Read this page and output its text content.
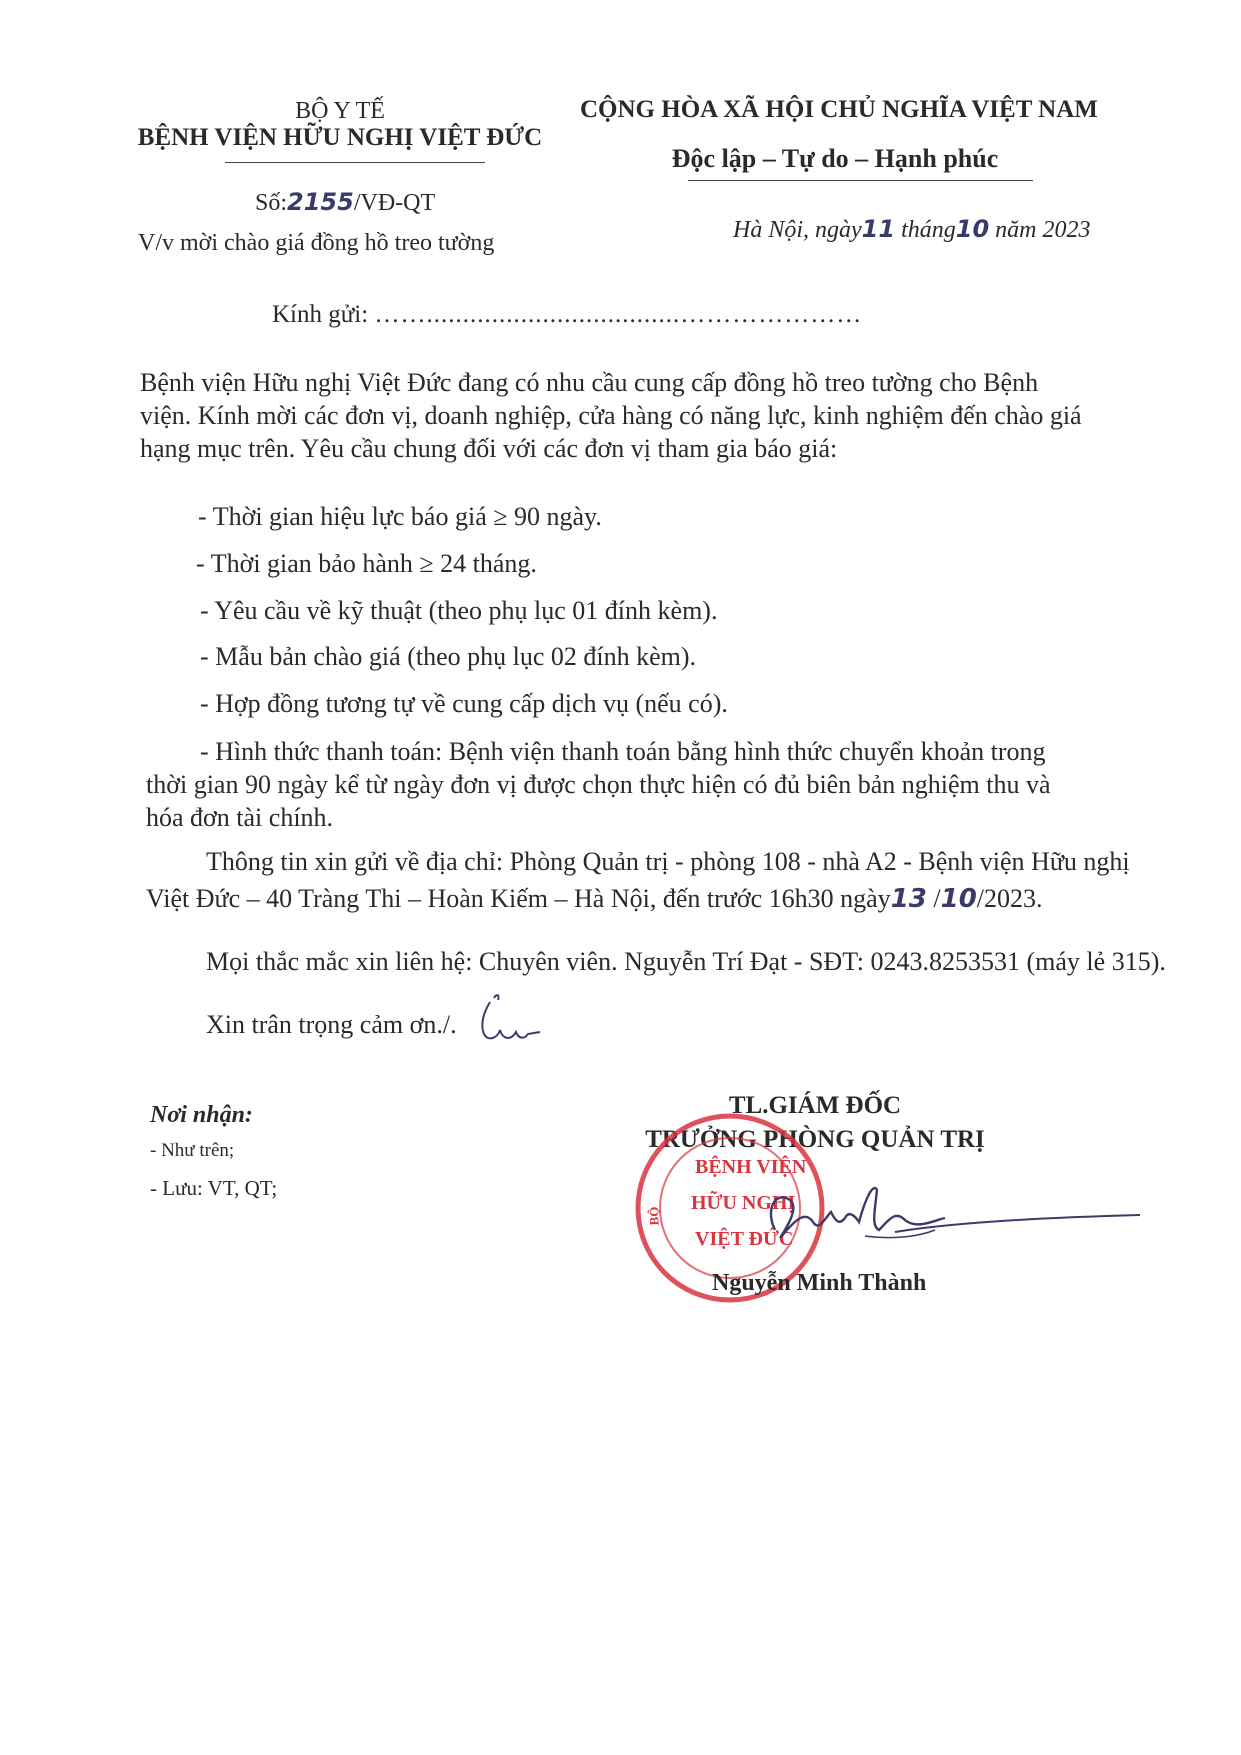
BỘ Y TẾ
BỆNH VIỆN HỮU NGHỊ VIỆT ĐỨC
Số:2155/VĐ-QT
V/v mời chào giá đồng hồ treo tường
CỘNG HÒA XÃ HỘI CHỦ NGHĨA VIỆT NAM
Độc lập – Tự do – Hạnh phúc
Hà Nội, ngày11 tháng10 năm 2023
Kính gửi: ……...................................…………………
Bệnh viện Hữu nghị Việt Đức đang có nhu cầu cung cấp đồng hồ treo tường cho Bệnh viện. Kính mời các đơn vị, doanh nghiệp, cửa hàng có năng lực, kinh nghiệm đến chào giá hạng mục trên. Yêu cầu chung đối với các đơn vị tham gia báo giá:
- Thời gian hiệu lực báo giá ≥ 90 ngày.
- Thời gian bảo hành ≥ 24 tháng.
- Yêu cầu về kỹ thuật (theo phụ lục 01 đính kèm).
- Mẫu bản chào giá (theo phụ lục 02 đính kèm).
- Hợp đồng tương tự về cung cấp dịch vụ (nếu có).
- Hình thức thanh toán: Bệnh viện thanh toán bằng hình thức chuyển khoản trong thời gian 90 ngày kể từ ngày đơn vị được chọn thực hiện có đủ biên bản nghiệm thu và hóa đơn tài chính.
Thông tin xin gửi về địa chỉ: Phòng Quản trị - phòng 108 - nhà A2 - Bệnh viện Hữu nghị
Việt Đức – 40 Tràng Thi – Hoàn Kiếm – Hà Nội, đến trước 16h30 ngày13 /10/2023.
Mọi thắc mắc xin liên hệ: Chuyên viên. Nguyễn Trí Đạt - SĐT: 0243.8253531 (máy lẻ 315).
Xin trân trọng cảm ơn./.
Nơi nhận:
- Như trên;
- Lưu: VT, QT;
TL.GIÁM ĐỐC
TRƯỞNG PHÒNG QUẢN TRỊ
BỆNH VIỆN
HỮU NGHỊ
VIỆT ĐỨC
BỘ
Nguyễn Minh Thành
